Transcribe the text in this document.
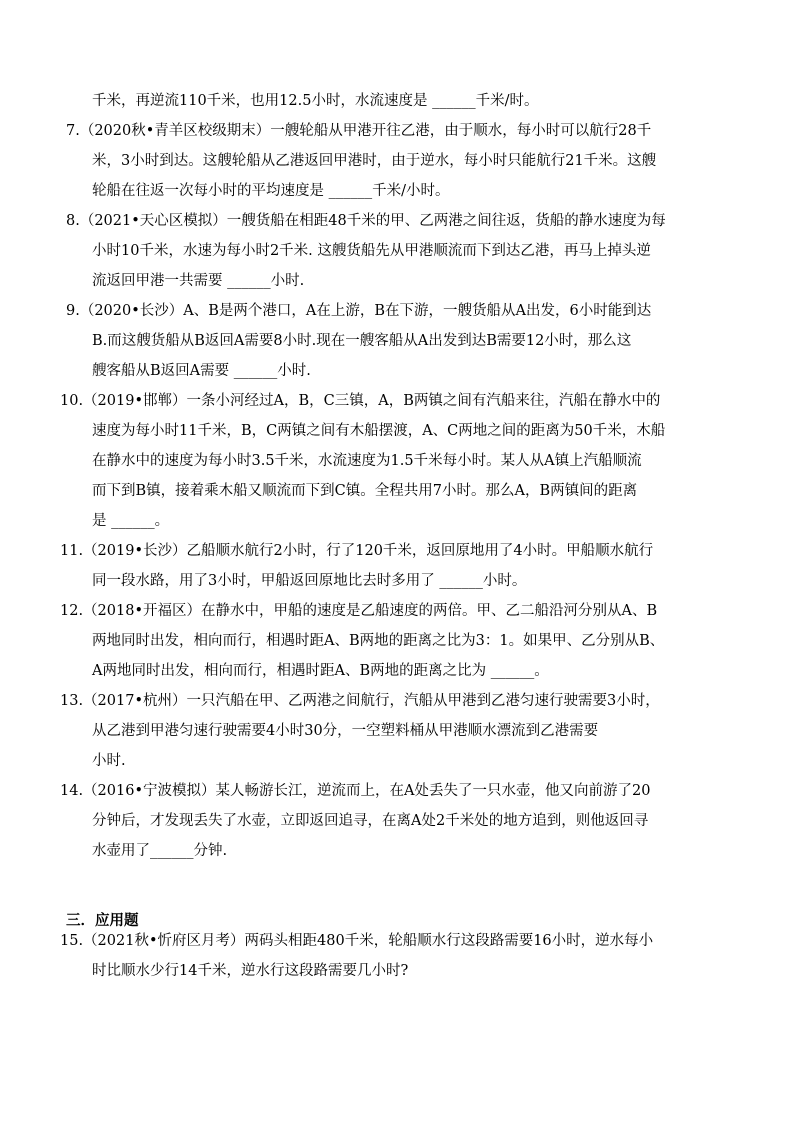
千米，再逆流110千米，也用12.5小时，水流速度是 ______千米/时。
7.（2020秋•青羊区校级期末）一艘轮船从甲港开往乙港，由于顺水，每小时可以航行28千
米，3小时到达。这艘轮船从乙港返回甲港时，由于逆水，每小时只能航行21千米。这艘
轮船在往返一次每小时的平均速度是 ______千米/小时。
8.（2021•天心区模拟）一艘货船在相距48千米的甲、乙两港之间往返，货船的静水速度为每
小时10千米，水速为每小时2千米. 这艘货船先从甲港顺流而下到达乙港，再马上掉头逆
流返回甲港一共需要 ______小时.
9.（2020•长沙）A、B是两个港口，A在上游，B在下游，一艘货船从A出发，6小时能到达
B.而这艘货船从B返回A需要8小时.现在一艘客船从A出发到达B需要12小时，那么这
艘客船从B返回A需要 ______小时.
10.（2019•邯郸）一条小河经过A，B，C三镇，A，B两镇之间有汽船来往，汽船在静水中的
速度为每小时11千米，B，C两镇之间有木船摆渡，A、C两地之间的距离为50千米，木船
在静水中的速度为每小时3.5千米，水流速度为1.5千米每小时。某人从A镇上汽船顺流
而下到B镇，接着乘木船又顺流而下到C镇。全程共用7小时。那么A，B两镇间的距离
是 ______。
11.（2019•长沙）乙船顺水航行2小时，行了120千米，返回原地用了4小时。甲船顺水航行
同一段水路，用了3小时，甲船返回原地比去时多用了 ______小时。
12.（2018•开福区）在静水中，甲船的速度是乙船速度的两倍。甲、乙二船沿河分别从A、B
两地同时出发，相向而行，相遇时距A、B两地的距离之比为3：1。如果甲、乙分别从B、
A两地同时出发，相向而行，相遇时距A、B两地的距离之比为 ______。
13.（2017•杭州）一只汽船在甲、乙两港之间航行，汽船从甲港到乙港匀速行驶需要3小时，
从乙港到甲港匀速行驶需要4小时30分，一空塑料桶从甲港顺水漂流到乙港需要
小时.
14.（2016•宁波模拟）某人畅游长江，逆流而上，在A处丢失了一只水壶，他又向前游了20
分钟后，才发现丢失了水壶，立即返回追寻，在离A处2千米处的地方追到，则他返回寻
水壶用了______分钟.
15.（2021秋•忻府区月考）两码头相距480千米，轮船顺水行这段路需要16小时，逆水每小
时比顺水少行14千米，逆水行这段路需要几小时?
三．应用题
